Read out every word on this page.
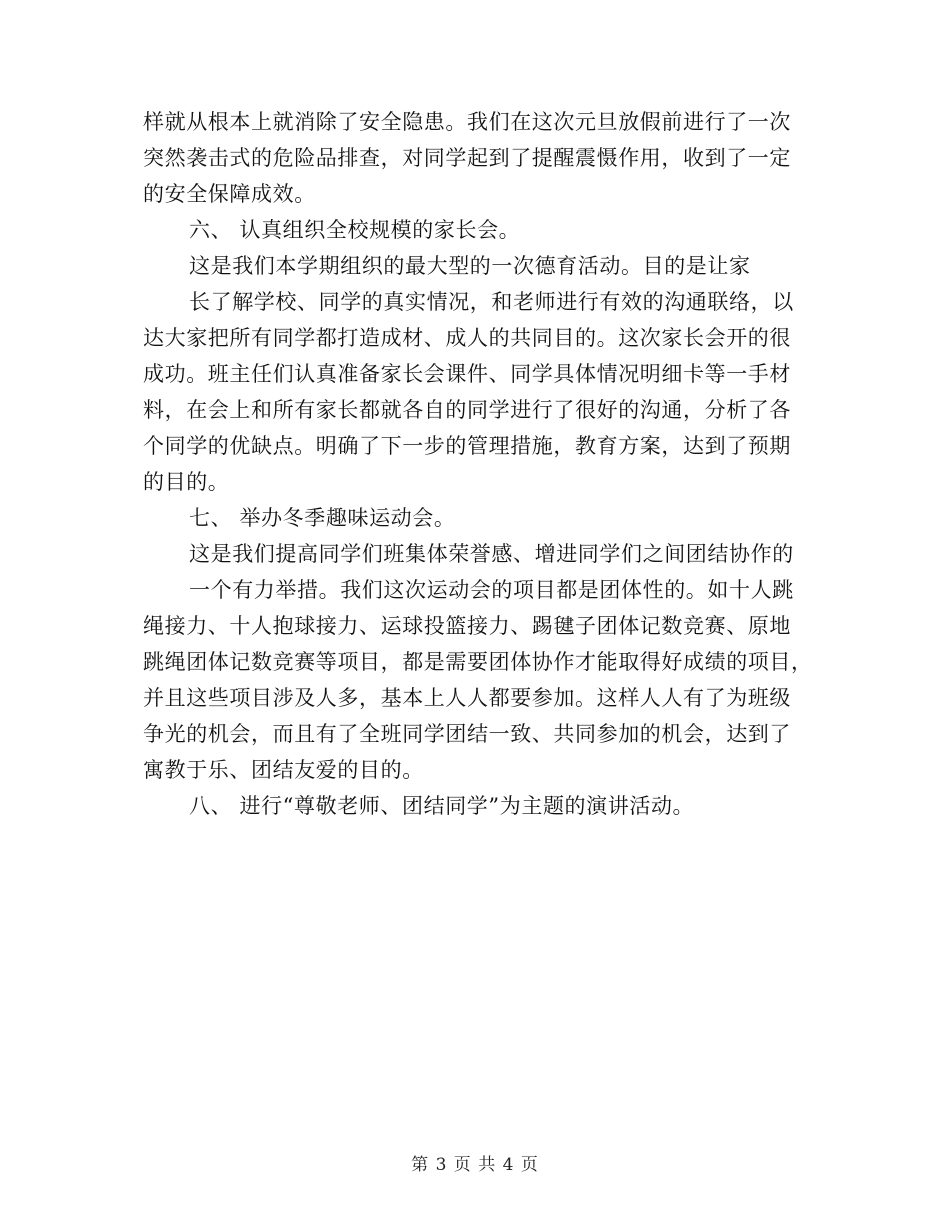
样就从根本上就消除了安全隐患。我们在这次元旦放假前进行了一次
突然袭击式的危险品排查，对同学起到了提醒震慑作用，收到了一定
的安全保障成效。
六、 认真组织全校规模的家长会。
这是我们本学期组织的最大型的一次德育活动。目的是让家
长了解学校、同学的真实情况，和老师进行有效的沟通联络，以
达大家把所有同学都打造成材、成人的共同目的。这次家长会开的很
成功。班主任们认真准备家长会课件、同学具体情况明细卡等一手材
料，在会上和所有家长都就各自的同学进行了很好的沟通，分析了各
个同学的优缺点。明确了下一步的管理措施，教育方案，达到了预期
的目的。
七、 举办冬季趣味运动会。
这是我们提高同学们班集体荣誉感、增进同学们之间团结协作的
一个有力举措。我们这次运动会的项目都是团体性的。如十人跳
绳接力、十人抱球接力、运球投篮接力、踢毽子团体记数竞赛、原地
跳绳团体记数竞赛等项目，都是需要团体协作才能取得好成绩的项目，
并且这些项目涉及人多，基本上人人都要参加。这样人人有了为班级
争光的机会，而且有了全班同学团结一致、共同参加的机会，达到了
寓教于乐、团结友爱的目的。
八、 进行“尊敬老师、团结同学”为主题的演讲活动。
第 3 页 共 4 页
